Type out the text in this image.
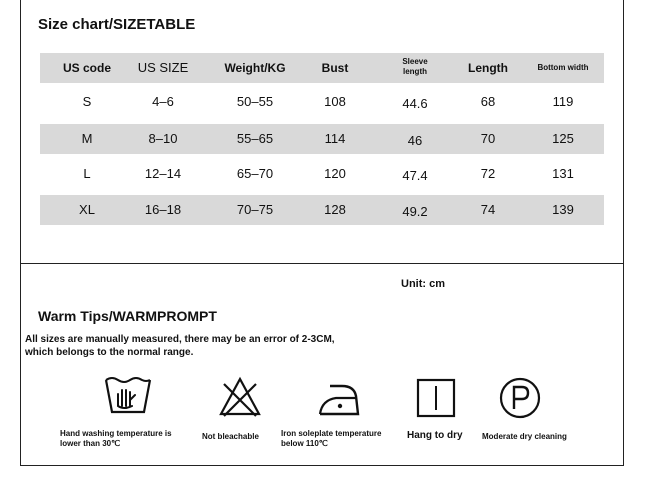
Size chart/SIZETABLE
US code	US SIZE	Weight/KG	Bust	Sleeve length	Length	Bottom width
S	4–6	50–55	108	44.6	68	119
M	8–10	55–65	114	46	70	125
L	12–14	65–70	120	47.4	72	131
XL	16–18	70–75	128	49.2	74	139
Unit: cm
Warm Tips/WARMPROMPT
All sizes are manually measured, there may be an error of 2-3CM,
which belongs to the normal range.
Hand washing temperature is
lower than 30℃
Not bleachable	Iron soleplate temperature
below 110℃
Hang to dry Moderate dry cleaning
